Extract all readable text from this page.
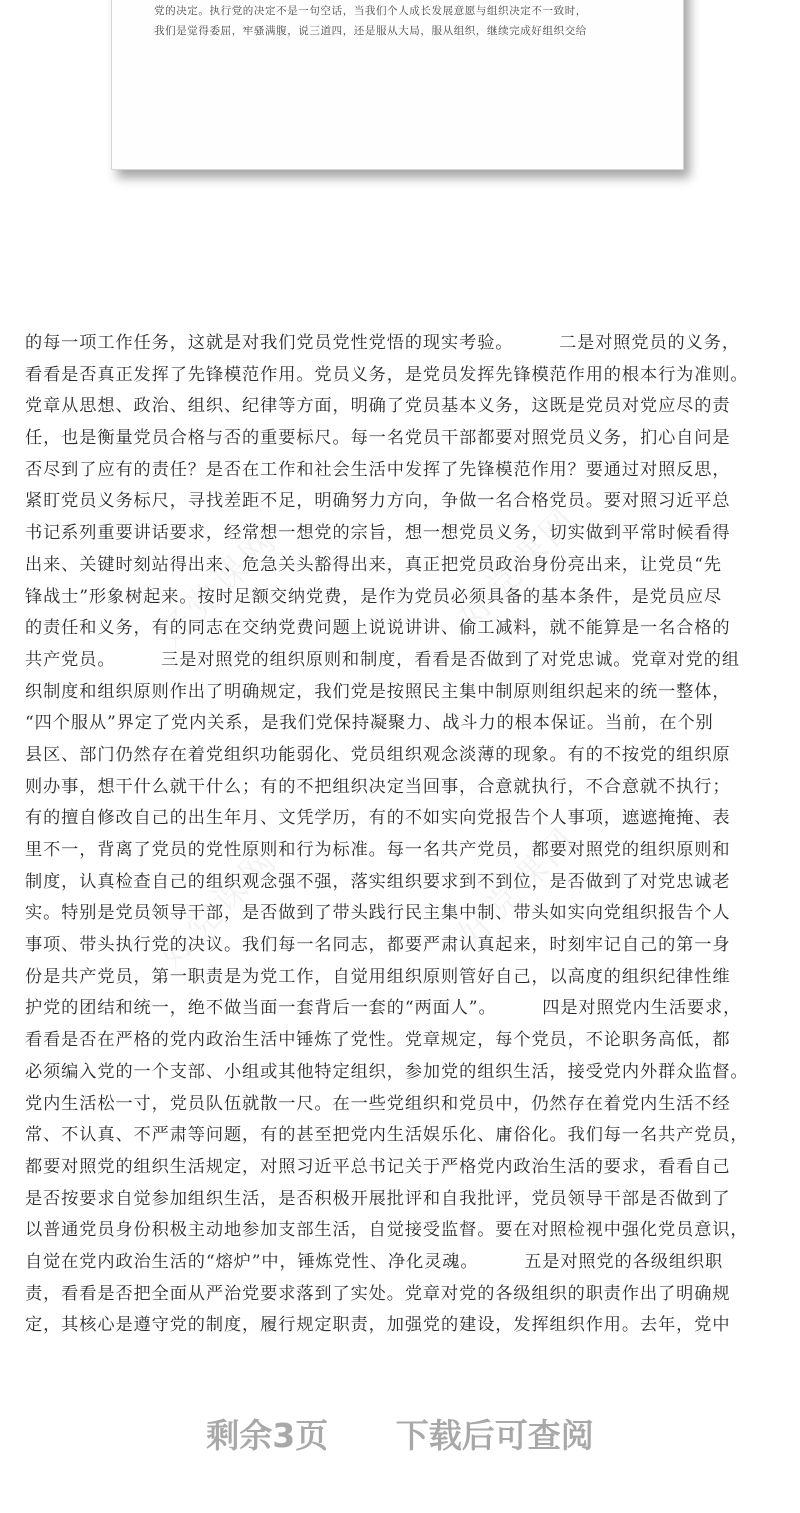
党的决定。执行党的决定不是一句空话，当我们个人成长发展意愿与组织决定不一致时，
我们是觉得委屈，牢骚满腹，说三道四，还是服从大局，服从组织，继续完成好组织交给
好党课网	好党课网
好党课网	好党课网
的每一项工作任务，这就是对我们党员党性党悟的现实考验。　　　二是对照党员的义务，
看看是否真正发挥了先锋模范作用。党员义务，是党员发挥先锋模范作用的根本行为准则。
党章从思想、政治、组织、纪律等方面，明确了党员基本义务，这既是党员对党应尽的责
任，也是衡量党员合格与否的重要标尺。每一名党员干部都要对照党员义务，扪心自问是
否尽到了应有的责任？是否在工作和社会生活中发挥了先锋模范作用？要通过对照反思，
紧盯党员义务标尺，寻找差距不足，明确努力方向，争做一名合格党员。要对照习近平总
书记系列重要讲话要求，经常想一想党的宗旨，想一想党员义务，切实做到平常时候看得
出来、关键时刻站得出来、危急关头豁得出来，真正把党员政治身份亮出来，让党员“先
锋战士”形象树起来。按时足额交纳党费，是作为党员必须具备的基本条件，是党员应尽
的责任和义务，有的同志在交纳党费问题上说说讲讲、偷工减料，就不能算是一名合格的
共产党员。　　　三是对照党的组织原则和制度，看看是否做到了对党忠诚。党章对党的组
织制度和组织原则作出了明确规定，我们党是按照民主集中制原则组织起来的统一整体，
“四个服从”界定了党内关系，是我们党保持凝聚力、战斗力的根本保证。当前，在个别
县区、部门仍然存在着党组织功能弱化、党员组织观念淡薄的现象。有的不按党的组织原
则办事，想干什么就干什么；有的不把组织决定当回事，合意就执行，不合意就不执行；
有的擅自修改自己的出生年月、文凭学历，有的不如实向党报告个人事项，遮遮掩掩、表
里不一，背离了党员的党性原则和行为标准。每一名共产党员，都要对照党的组织原则和
制度，认真检查自己的组织观念强不强，落实组织要求到不到位，是否做到了对党忠诚老
实。特别是党员领导干部，是否做到了带头践行民主集中制、带头如实向党组织报告个人
事项、带头执行党的决议。我们每一名同志，都要严肃认真起来，时刻牢记自己的第一身
份是共产党员，第一职责是为党工作，自觉用组织原则管好自己，以高度的组织纪律性维
护党的团结和统一，绝不做当面一套背后一套的“两面人”。　　　四是对照党内生活要求，
看看是否在严格的党内政治生活中锤炼了党性。党章规定，每个党员，不论职务高低，都
必须编入党的一个支部、小组或其他特定组织，参加党的组织生活，接受党内外群众监督。
党内生活松一寸，党员队伍就散一尺。在一些党组织和党员中，仍然存在着党内生活不经
常、不认真、不严肃等问题，有的甚至把党内生活娱乐化、庸俗化。我们每一名共产党员，
都要对照党的组织生活规定，对照习近平总书记关于严格党内政治生活的要求，看看自己
是否按要求自觉参加组织生活，是否积极开展批评和自我批评，党员领导干部是否做到了
以普通党员身份积极主动地参加支部生活，自觉接受监督。要在对照检视中强化党员意识，
自觉在党内政治生活的“熔炉”中，锤炼党性、净化灵魂。　　　五是对照党的各级组织职
责，看看是否把全面从严治党要求落到了实处。党章对党的各级组织的职责作出了明确规
定，其核心是遵守党的制度，履行规定职责，加强党的建设，发挥组织作用。去年，党中
剩余3页 下载后可查阅
